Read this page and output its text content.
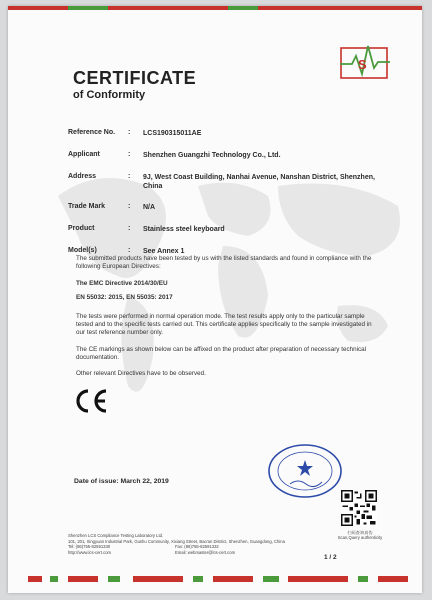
S
CERTIFICATE
of Conformity
Reference No.	: LCS190315011AE
Applicant	: Shenzhen Guangzhi Technology Co., Ltd.
Address	: 9J, West Coast Building, Nanhai Avenue, Nanshan District, Shenzhen, China
Trade Mark	: N/A
Product	: Stainless steel keyboard
Model(s)	: See Annex 1
The submitted products have been tested by us with the listed standards and found in compliance with the following European Directives:
The EMC Directive 2014/30/EU
EN 55032: 2015, EN 55035: 2017
The tests were performed in normal operation mode. The test results apply only to the particular sample tested and to the specific tests carried out. This certificate applies specifically to the sample investigated in our test reference number only.
The CE markings as shown below can be affixed on the product after preparation of necessary technical documentation.
Other relevant Directives have to be observed.
Date of issue: March 22, 2019
Shenzhen LCS Compliance Testing Laboratory Ltd.
101, 201, Xingyuan Industrial Park, Gushu Community, Xixiang Street, Bao'an District, Shenzhen, Guangdong, China
Tel: (86)755-82591330	Fax: (86)755-82591332
http://www.lcs-cert.com	Email: webmaster@lcs-cert.com
扫码查询真伪
Scan,Query authenticity
1 / 2
